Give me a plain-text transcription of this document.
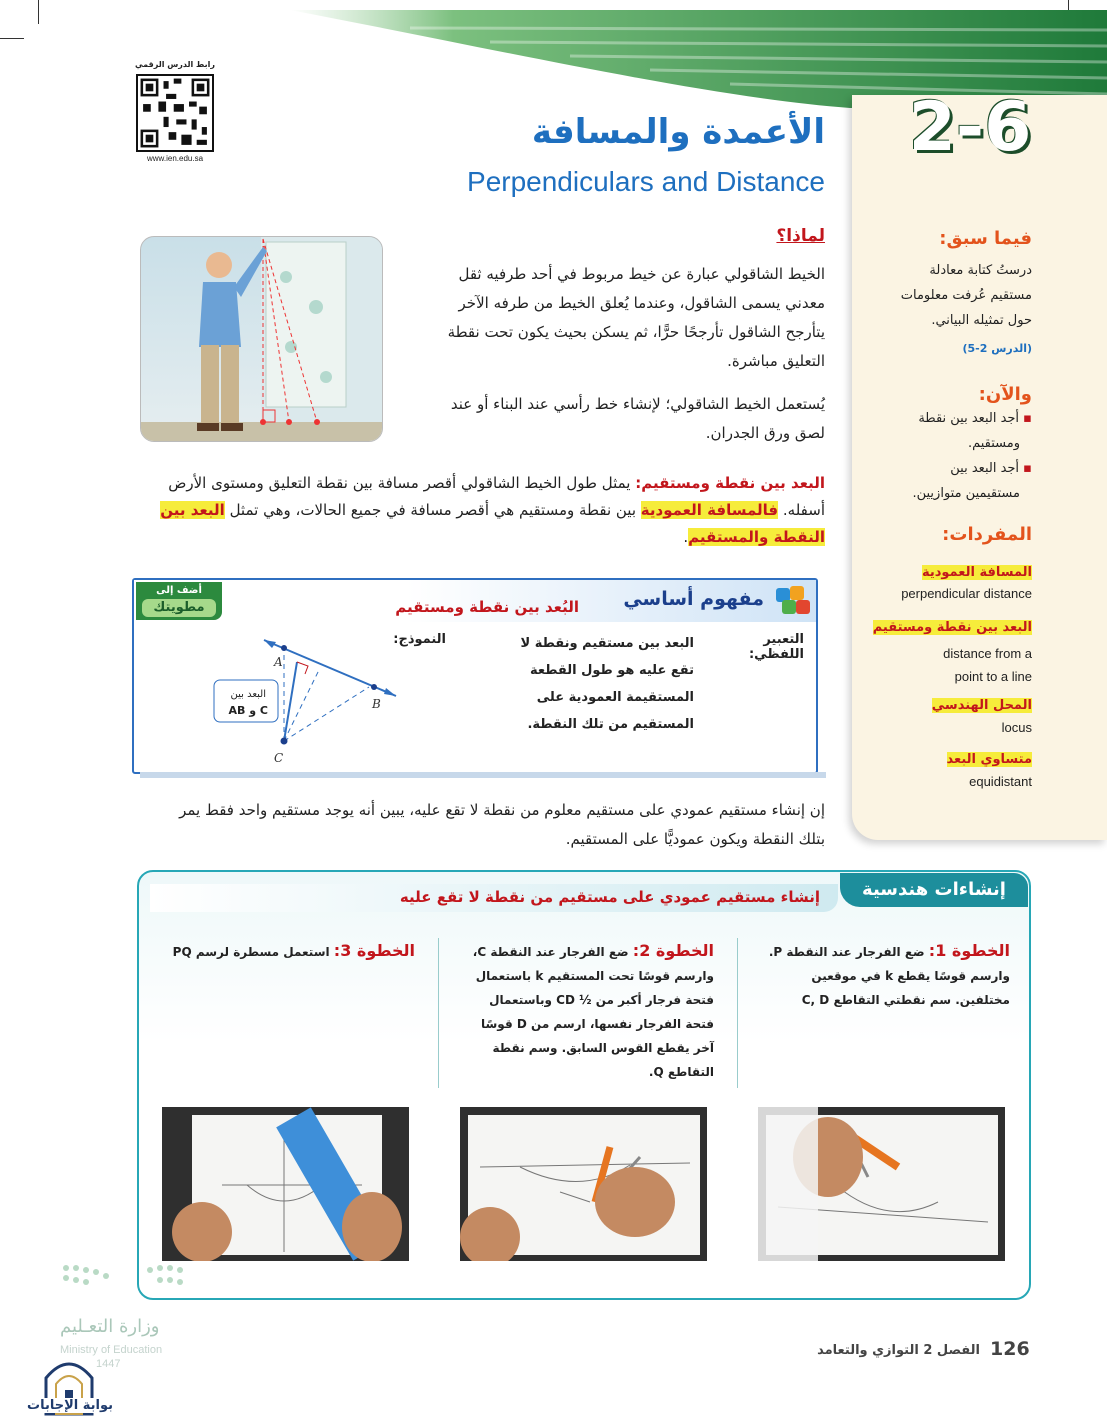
2-6
الأعمدة والمسافة
Perpendiculars and Distance
رابط الدرس الرقمي
www.ien.edu.sa
لماذا؟
الخيط الشاقولي عبارة عن خيط مربوط في أحد طرفيه ثقل معدني يسمى الشاقول، وعندما يُعلق الخيط من طرفه الآخر يتأرجح الشاقول تأرجحًا حرًّا، ثم يسكن بحيث يكون تحت نقطة التعليق مباشرة.
يُستعمل الخيط الشاقولي؛ لإنشاء خط رأسي عند البناء أو عند لصق ورق الجدران.
البعد بين نقطة ومستقيم: يمثل طول الخيط الشاقولي أقصر مسافة بين نقطة التعليق ومستوى الأرض أسفله. فالمسافة العمودية بين نقطة ومستقيم هي أقصر مسافة في جميع الحالات، وهي تمثل البعد بين النقطة والمستقيم.
أضف إلى
مطويتك	مفهوم أساسي
البُعد بين نقطة ومستقيم
التعبير اللفظي:
البعد بين مستقيم ونقطة لا تقع عليه هو طول القطعة المستقيمة العمودية على المستقيم من تلك النقطة.
النموذج:
A
B
C
البعد بين
AB و C
إن إنشاء مستقيم عمودي على مستقيم معلوم من نقطة لا تقع عليه، يبين أنه يوجد مستقيم واحد فقط يمر بتلك النقطة ويكون عموديًّا على المستقيم.
فيما سبق:
درستُ كتابة معادلة
مستقيم عُرفت معلومات
حول تمثيله البياني.
(الدرس 2-5)
والآن:
▪ أجد البعد بين نقطة
ومستقيم.
▪ أجد البعد بين
مستقيمين متوازيين.
المفردات:
المسافة العمودية
perpendicular distance
البعد بين نقطة ومستقيم
distance from a point to a line
المحل الهندسي
locus
متساوي البعد
equidistant
إنشاء مستقيم عمودي على مستقيم من نقطة لا تقع عليه	إنشاءات هندسية
الخطوة 1: ضع الفرجار عند النقطة P. وارسم قوسًا يقطع k في موقعين مختلفين. سم نقطتي التقاطع C, D
الخطوة 2: ضع الفرجار عند النقطة C، وارسم قوسًا تحت المستقيم k باستعمال فتحة فرجار أكبر من ½ CD وباستعمال فتحة الفرجار نفسها، ارسم من D قوسًا آخر يقطع القوس السابق. وسم نقطة التقاطع Q.
الخطوة 3: استعمل مسطرة لرسم PQ
وزارة التعـليم
Ministry of Education
1447
بوابة الإجابات
الفصل 2 التوازي والتعامد 126
